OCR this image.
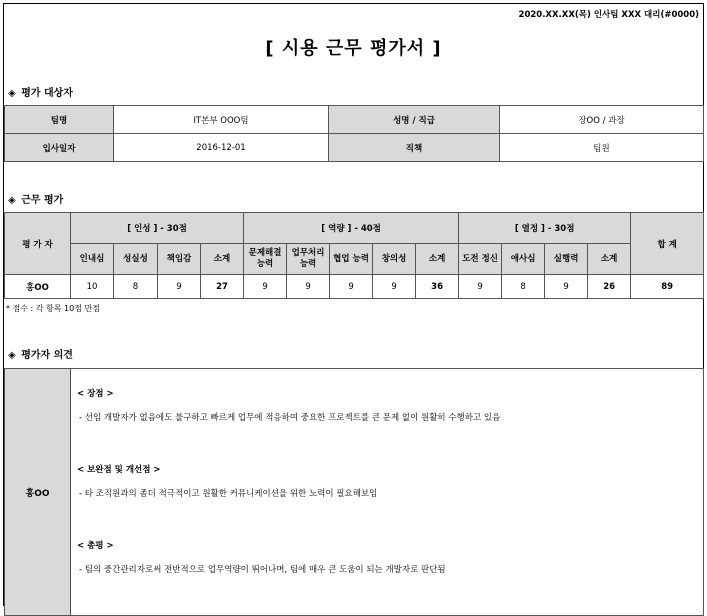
2020.XX.XX(목) 인사팀 XXX 대리(#0000)
[ 시용 근무 평가서 ]
◈ 평가 대상자
팀명	IT본부 OOO팀	성명 / 직급	장OO / 과장
입사일자	2016-12-01	직책	팀원
◈ 근무 평가
평 가 자	[ 인성 ] - 30점				[ 역량 ] - 40점					[ 열정 ] - 30점				합 계
	인내심	성실성	책임감	소계	문제해결 능력	업무처리 능력	협업 능력	창의성	소계	도전 정신	애사심	실행력	소계	
홍OO	10	8	9	27	9	9	9	9	36	9	8	9	26	89
* 점수 : 각 항목 10점 만점
◈ 평가자 의견
홍OO	
< 장점 >
- 선임 개발자가 없음에도 불구하고 빠르게 업무에 적응하여 중요한 프로젝트를 큰 문제 없이 원활히 수행하고 있음
< 보완점 및 개선점 >
- 타 조직원과의 좀더 적극적이고 원활한 커뮤니케이션을 위한 노력이 필요해보임
< 총평 >
- 팀의 중간관리자로써 전반적으로 업무역량이 뛰어나며, 팀에 매우 큰 도움이 되는 개발자로 판단됨
